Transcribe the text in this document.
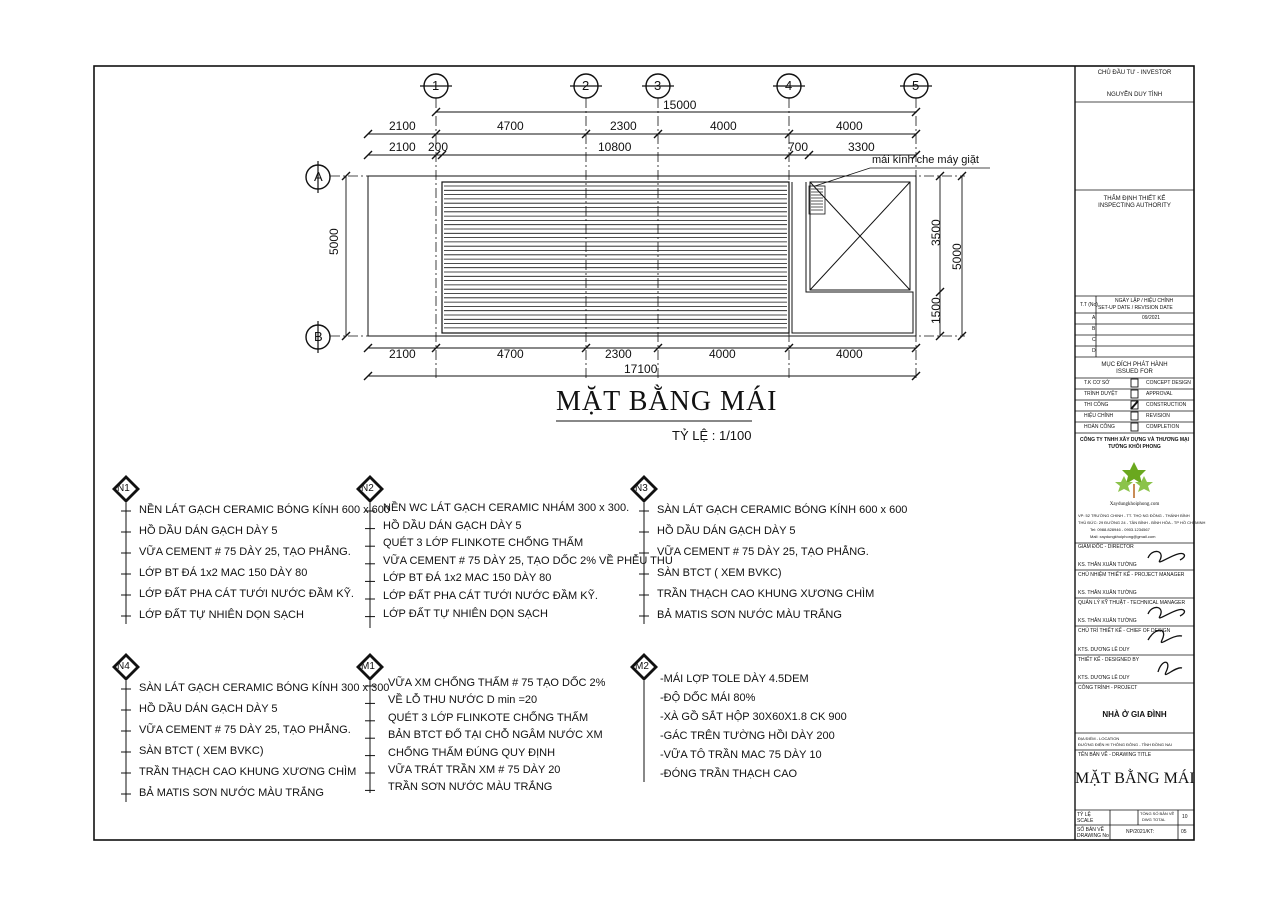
MẶT BẰNG MÁI
TỶ LỆ : 1/100
mái kính che máy giặt
1	2	3	4	5
A
B
15000
2100	4700	2300	4000	4000
2100 200	10800	700	3300
2100	4700	2300	4000	4000
17100
5000	3500
1500
5000
N1	N2	N3
N4	M1	M2
NỀN LÁT GẠCH CERAMIC BÓNG KÍNH 600 x 600
HỒ DẦU DÁN GẠCH DÀY 5
VỮA CEMENT # 75 DÀY 25, TẠO PHẲNG.
LỚP BT ĐÁ 1x2 MAC 150 DÀY 80
LỚP ĐẤT PHA CÁT TƯỚI NƯỚC ĐẦM KỸ.
LỚP ĐẤT TỰ NHIÊN DỌN SẠCH
NỀN WC LÁT GẠCH CERAMIC NHÁM 300 x 300.
HỒ DẦU DÁN GẠCH DÀY 5
QUÉT 3 LỚP FLINKOTE CHỐNG THẤM
VỮA CEMENT # 75 DÀY 25, TẠO DỐC 2% VỀ PHỄU THU
LỚP BT ĐÁ 1x2 MAC 150 DÀY 80
LỚP ĐẤT PHA CÁT TƯỚI NƯỚC ĐẦM KỸ.
LỚP ĐẤT TỰ NHIÊN DỌN SẠCH
SÀN LÁT GẠCH CERAMIC BÓNG KÍNH 600 x 600
HỒ DẦU DÁN GẠCH DÀY 5
VỮA CEMENT # 75 DÀY 25, TẠO PHẲNG.
SÀN BTCT ( XEM BVKC)
TRẦN THẠCH CAO KHUNG XƯƠNG CHÌM
BẢ MATIS SƠN NƯỚC MÀU TRẮNG
SÀN LÁT GẠCH CERAMIC BÓNG KÍNH 300 x 300
HỒ DẦU DÁN GẠCH DÀY 5
VỮA CEMENT # 75 DÀY 25, TẠO PHẲNG.
SÀN BTCT ( XEM BVKC)
TRẦN THẠCH CAO KHUNG XƯƠNG CHÌM
BẢ MATIS SƠN NƯỚC MÀU TRẮNG
VỮA XM CHỐNG THẤM # 75 TẠO DỐC 2%
VỀ LỖ THU NƯỚC D min =20
QUÉT 3 LỚP FLINKOTE CHỐNG THẤM
BẢN BTCT ĐỔ TẠI CHỖ NGÂM NƯỚC XM
CHỐNG THẤM ĐÚNG QUY ĐỊNH
VỮA TRÁT TRẦN XM # 75 DÀY 20
TRẦN SƠN NƯỚC MÀU TRẮNG
-MÁI LỢP TOLE DÀY 4.5DEM
-ĐỘ DỐC MÁI 80%
-XÀ GỒ SẮT HỘP 30X60X1.8 CK 900
-GÁC TRÊN TƯỜNG HỒI DÀY 200
-VỮA TÔ TRẦN MAC 75 DÀY 10
-ĐÓNG TRẦN THẠCH CAO
CHỦ ĐẦU TƯ - INVESTOR
NGUYỄN DUY TÌNH
THẨM ĐỊNH THIẾT KẾ
INSPECTING AUTHORITY
T.T (No)
NGÀY LẬP / HIỆU CHỈNH
SET-UP DATE / REVISION DATE
A	09/2021
B
C
D
MỤC ĐÍCH PHÁT HÀNH
ISSUED FOR
T.K CƠ SỞ	CONCEPT DESIGN
TRÌNH DUYỆT	APPROVAL
THI CÔNG	CONSTRUCTION
HIỆU CHỈNH	REVISION
HOÀN CÔNG	COMPLETION
CÔNG TY TNHH XÂY DỰNG VÀ THƯƠNG MẠI
TƯỜNG KHÔI PHONG
Xaydungkhoiphong.com
VP: 52 TRƯỜNG CHINH - TT. THỌ NG ĐỒNG - THÁNH BÌNH
THỦ ĐỨC: 29 ĐƯỜNG 24 - TÂN BÌNH - BÌNH HÒA - TP HỒ CHÍ MINH
Tel: 0988.828946 - 0903.1234567
Mail: xaydungkhoiphong@gmail.com
GIÁM ĐỐC - DIRECTOR
KS. THÂN XUÂN TƯỜNG
CHỦ NHIỆM THIẾT KẾ - PROJECT MANAGER
KS. THÂN XUÂN TƯỜNG
QUẢN LÝ KỸ THUẬT - TECHNICAL MANAGER
KS. THÂN XUÂN TƯỜNG
CHỦ TRÌ THIẾT KẾ - CHIEF OF DESIGN
KTS. DƯƠNG LÊ DUY
THIẾT KẾ - DESIGNED BY
KTS. DƯƠNG LÊ DUY
CÔNG TRÌNH - PROJECT
NHÀ Ở GIA ĐÌNH
ĐỊA ĐIỂM - LOCATION
ĐƯỜNG ĐIỆN HI THÔNG ĐÔNG - TỈNH ĐỒNG NAI
TÊN BẢN VẼ - DRAWING TITLE
MẶT BẰNG MÁI
TỶ LỆ
SCALE
TỔNG SỐ BẢN VẼ
DWG TOTAL	10
SỐ BẢN VẼ
DRAWING No
NP/2021/KT:	05
